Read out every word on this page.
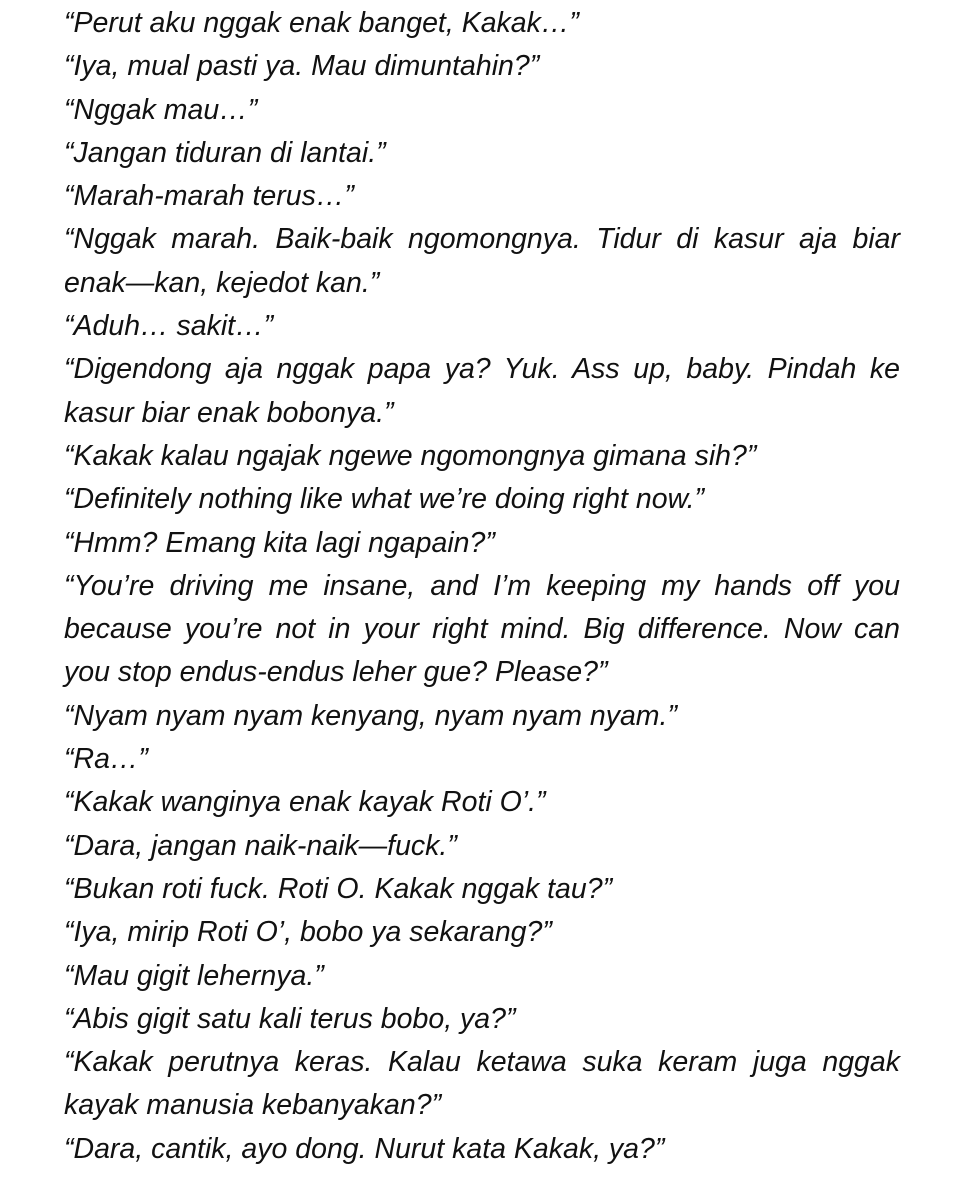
“Perut aku nggak enak banget, Kakak…”

“Iya, mual pasti ya. Mau dimuntahin?”

“Nggak mau…”

“Jangan tiduran di lantai.”

“Marah-marah terus…”

“Nggak marah. Baik-baik ngomongnya. Tidur di kasur aja biar enak—kan, kejedot kan.”

“Aduh… sakit…”

“Digendong aja nggak papa ya? Yuk. Ass up, baby. Pindah ke kasur biar enak bobonya.”

“Kakak kalau ngajak ngewe ngomongnya gimana sih?”

“Definitely nothing like what we’re doing right now.”

“Hmm? Emang kita lagi ngapain?”

“You’re driving me insane, and I’m keeping my hands off you because you’re not in your right mind. Big difference. Now can you stop endus-endus leher gue? Please?”

“Nyam nyam nyam kenyang, nyam nyam nyam.”

“Ra…”

“Kakak wanginya enak kayak Roti O’.”

“Dara, jangan naik-naik—fuck.”

“Bukan roti fuck. Roti O. Kakak nggak tau?”

“Iya, mirip Roti O’, bobo ya sekarang?”

“Mau gigit lehernya.”

“Abis gigit satu kali terus bobo, ya?”

“Kakak perutnya keras. Kalau ketawa suka keram juga nggak kayak manusia kebanyakan?”

“Dara, cantik, ayo dong. Nurut kata Kakak, ya?”
